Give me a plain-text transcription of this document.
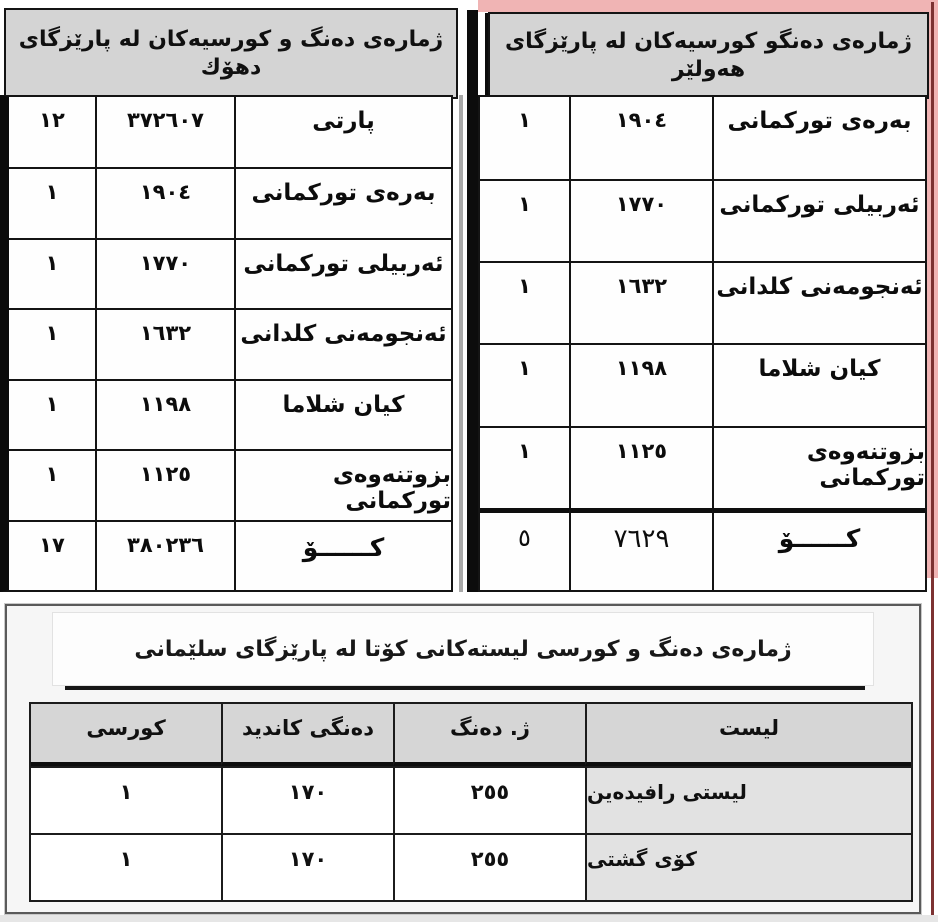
ژماره‌ی ده‌نگ و كورسیه‌كان له پارێزگای دهۆك
١٢	٣٧٢٦٠٧	پارتی
١	١٩٠٤	به‌ره‌ی توركمانی
١	١٧٧٠	ئه‌ربیلی توركمانی
١	١٦٣٢	ئه‌نجومه‌نی كلدانی
١	١١٩٨	كیان شلاما
١	١١٢٥	بزوتنه‌وه‌ی توركمانی
١٧	٣٨٠٢٣٦	كــــــۆ
ژماره‌ی ده‌نگو كورسیه‌كان له پارێزگای هه‌ولێر
١	١٩٠٤	به‌ره‌ی توركمانی
١	١٧٧٠	ئه‌ربیلی توركمانی
١	١٦٣٢	ئه‌نجومه‌نی كلدانی
١	١١٩٨	كیان شلاما
١	١١٢٥	بزوتنه‌وه‌ی توركمانی
٥	٧٦٢٩	كــــــۆ
ژماره‌ی ده‌نگ و كورسی لیسته‌كانی كۆتا له پارێزگای سلێمانی
كورسی	ده‌نگی كاندید	ژ. ده‌نگ	لیست
١	١٧٠	٢٥٥	لیستی رافیده‌ین
١	١٧٠	٢٥٥	كۆی گشتی
